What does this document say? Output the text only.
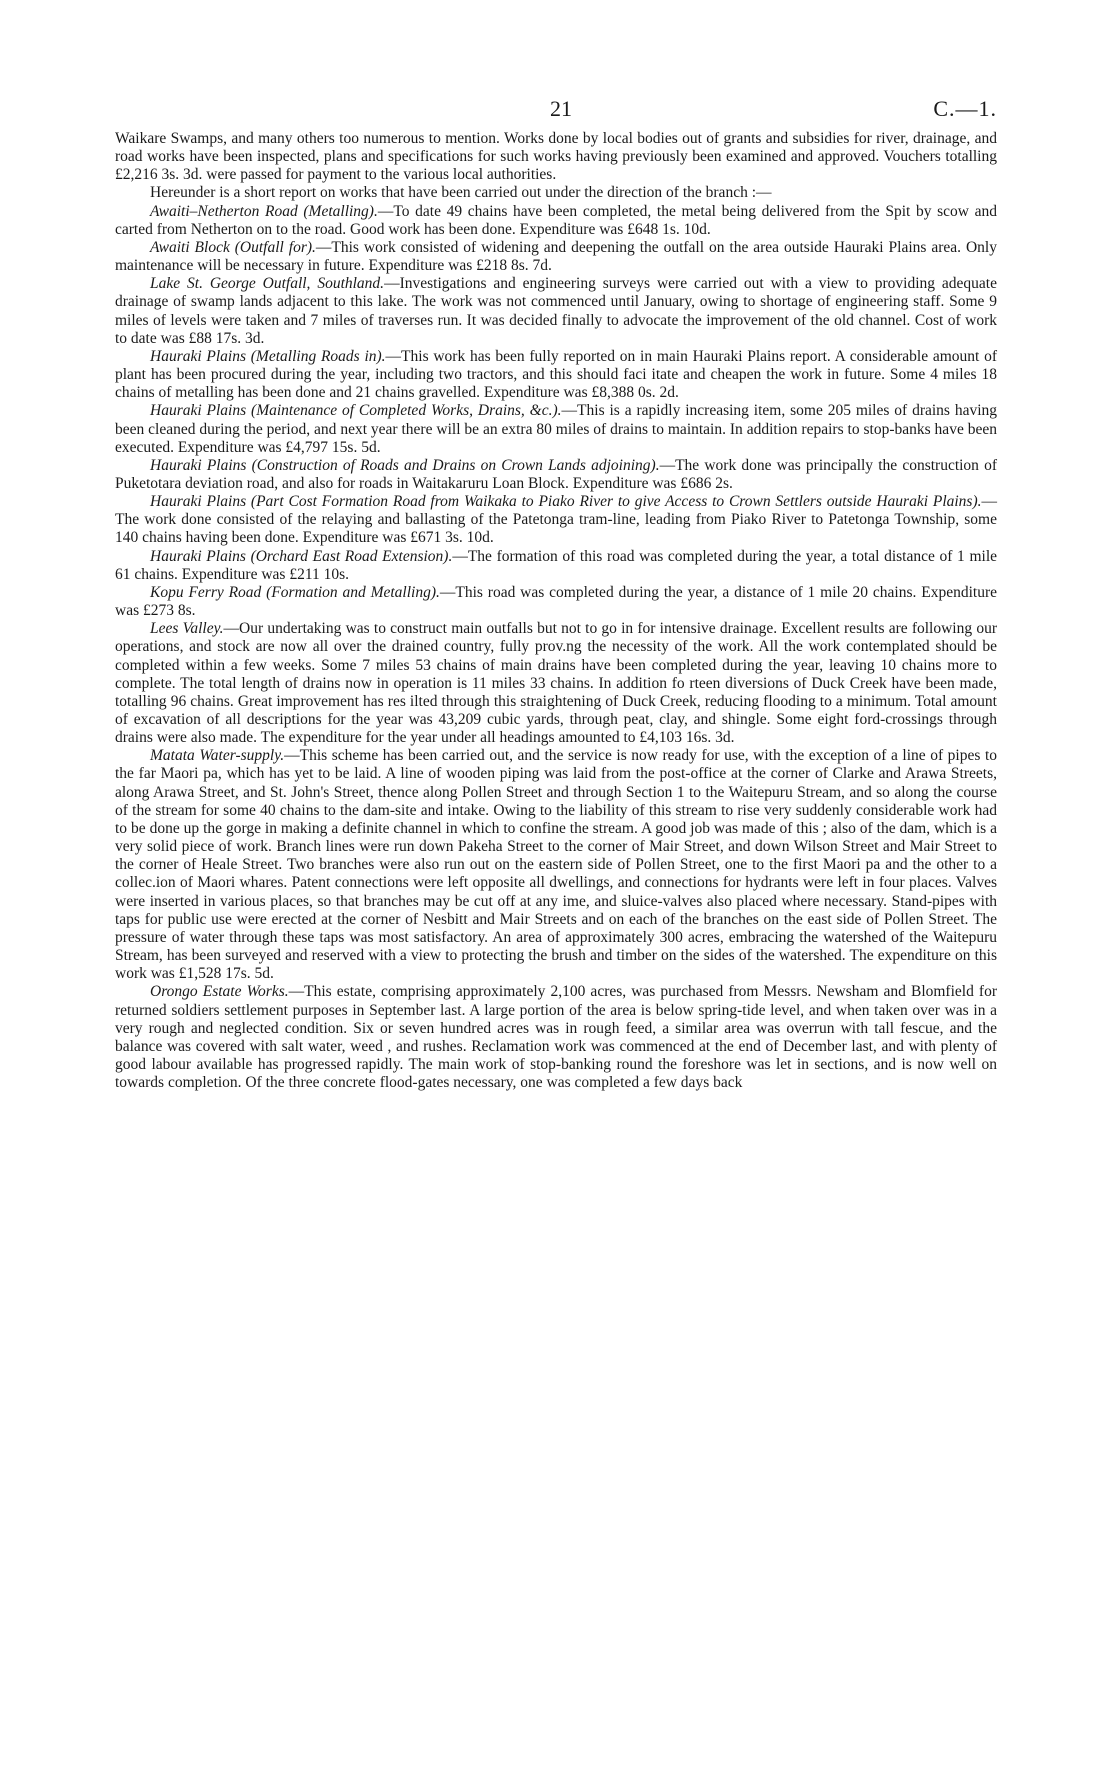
21	C.—1.

Waikare Swamps, and many others too numerous to mention. Works done by local bodies out of grants and subsidies for river, drainage, and road works have been inspected, plans and specifications for such works having previously been examined and approved. Vouchers totalling £2,216 3s. 3d. were passed for payment to the various local authorities.

Hereunder is a short report on works that have been carried out under the direction of the branch :—

Awaiti–Netherton Road (Metalling).—To date 49 chains have been completed, the metal being delivered from the Spit by scow and carted from Netherton on to the road. Good work has been done. Expenditure was £648 1s. 10d.

Awaiti Block (Outfall for).—This work consisted of widening and deepening the outfall on the area outside Hauraki Plains area. Only maintenance will be necessary in future. Expenditure was £218 8s. 7d.

Lake St. George Outfall, Southland.—Investigations and engineering surveys were carried out with a view to providing adequate drainage of swamp lands adjacent to this lake. The work was not commenced until January, owing to shortage of engineering staff. Some 9 miles of levels were taken and 7 miles of traverses run. It was decided finally to advocate the improvement of the old channel. Cost of work to date was £88 17s. 3d.

Hauraki Plains (Metalling Roads in).—This work has been fully reported on in main Hauraki Plains report. A considerable amount of plant has been procured during the year, including two tractors, and this should faci itate and cheapen the work in future. Some 4 miles 18 chains of metalling has been done and 21 chains gravelled. Expenditure was £8,388 0s. 2d.

Hauraki Plains (Maintenance of Completed Works, Drains, &c.).—This is a rapidly increasing item, some 205 miles of drains having been cleaned during the period, and next year there will be an extra 80 miles of drains to maintain. In addition repairs to stop-banks have been executed. Expenditure was £4,797 15s. 5d.

Hauraki Plains (Construction of Roads and Drains on Crown Lands adjoining).—The work done was principally the construction of Puketotara deviation road, and also for roads in Waitakaruru Loan Block. Expenditure was £686 2s.

Hauraki Plains (Part Cost Formation Road from Waikaka to Piako River to give Access to Crown Settlers outside Hauraki Plains).—The work done consisted of the relaying and ballasting of the Patetonga tram-line, leading from Piako River to Patetonga Township, some 140 chains having been done. Expenditure was £671 3s. 10d.

Hauraki Plains (Orchard East Road Extension).—The formation of this road was completed during the year, a total distance of 1 mile 61 chains. Expenditure was £211 10s.

Kopu Ferry Road (Formation and Metalling).—This road was completed during the year, a distance of 1 mile 20 chains. Expenditure was £273 8s.

Lees Valley.—Our undertaking was to construct main outfalls but not to go in for intensive drainage. Excellent results are following our operations, and stock are now all over the drained country, fully prov.ng the necessity of the work. All the work contemplated should be completed within a few weeks. Some 7 miles 53 chains of main drains have been completed during the year, leaving 10 chains more to complete. The total length of drains now in operation is 11 miles 33 chains. In addition fo rteen diversions of Duck Creek have been made, totalling 96 chains. Great improvement has res ilted through this straightening of Duck Creek, reducing flooding to a minimum. Total amount of excavation of all descriptions for the year was 43,209 cubic yards, through peat, clay, and shingle. Some eight ford-crossings through drains were also made. The expenditure for the year under all headings amounted to £4,103 16s. 3d.

Matata Water-supply.—This scheme has been carried out, and the service is now ready for use, with the exception of a line of pipes to the far Maori pa, which has yet to be laid. A line of wooden piping was laid from the post-office at the corner of Clarke and Arawa Streets, along Arawa Street, and St. John's Street, thence along Pollen Street and through Section 1 to the Waitepuru Stream, and so along the course of the stream for some 40 chains to the dam-site and intake. Owing to the liability of this stream to rise very suddenly considerable work had to be done up the gorge in making a definite channel in which to confine the stream. A good job was made of this ; also of the dam, which is a very solid piece of work. Branch lines were run down Pakeha Street to the corner of Mair Street, and down Wilson Street and Mair Street to the corner of Heale Street. Two branches were also run out on the eastern side of Pollen Street, one to the first Maori pa and the other to a collec.ion of Maori whares. Patent connections were left opposite all dwellings, and connections for hydrants were left in four places. Valves were inserted in various places, so that branches may be cut off at any ime, and sluice-valves also placed where necessary. Stand-pipes with taps for public use were erected at the corner of Nesbitt and Mair Streets and on each of the branches on the east side of Pollen Street. The pressure of water through these taps was most satisfactory. An area of approximately 300 acres, embracing the watershed of the Waitepuru Stream, has been surveyed and reserved with a view to protecting the brush and timber on the sides of the watershed. The expenditure on this work was £1,528 17s. 5d.

Orongo Estate Works.—This estate, comprising approximately 2,100 acres, was purchased from Messrs. Newsham and Blomfield for returned soldiers settlement purposes in September last. A large portion of the area is below spring-tide level, and when taken over was in a very rough and neglected condition. Six or seven hundred acres was in rough feed, a similar area was overrun with tall fescue, and the balance was covered with salt water, weed , and rushes. Reclamation work was commenced at the end of December last, and with plenty of good labour available has progressed rapidly. The main work of stop-banking round the foreshore was let in sections, and is now well on towards completion. Of the three concrete flood-gates necessary, one was completed a few days back
